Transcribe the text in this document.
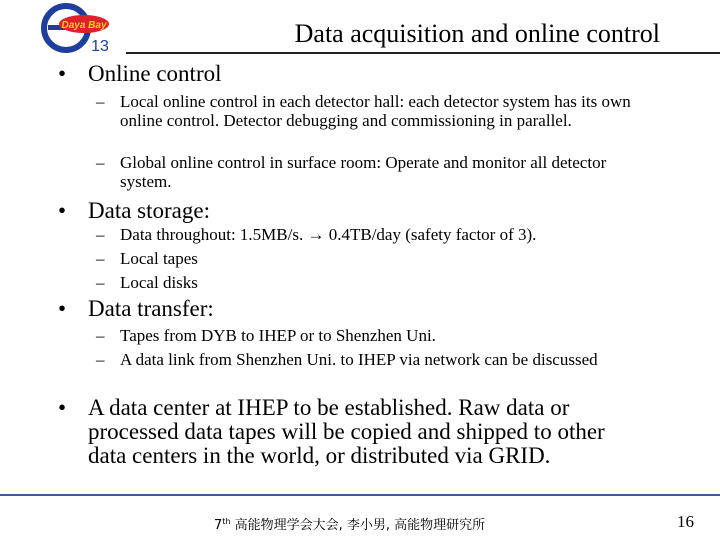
Daya Bay
13	Data acquisition and online control
• Online control
– Local online control in each detector hall: each detector system has its own online control. Detector debugging and commissioning in parallel.
– Global online control in surface room: Operate and monitor all detector system.
• Data storage:
– Data throughout: 1.5MB/s. → 0.4TB/day (safety factor of 3).
– Local tapes
– Local disks
• Data transfer:
– Tapes from DYB to IHEP or to Shenzhen Uni.
– A data link from Shenzhen Uni. to IHEP via network can be discussed
• A data center at IHEP to be established. Raw data or processed data tapes will be copied and shipped to other data centers in the world, or distributed via GRID.
7th 高能物理学会大会, 李小男, 高能物理研究所	16
